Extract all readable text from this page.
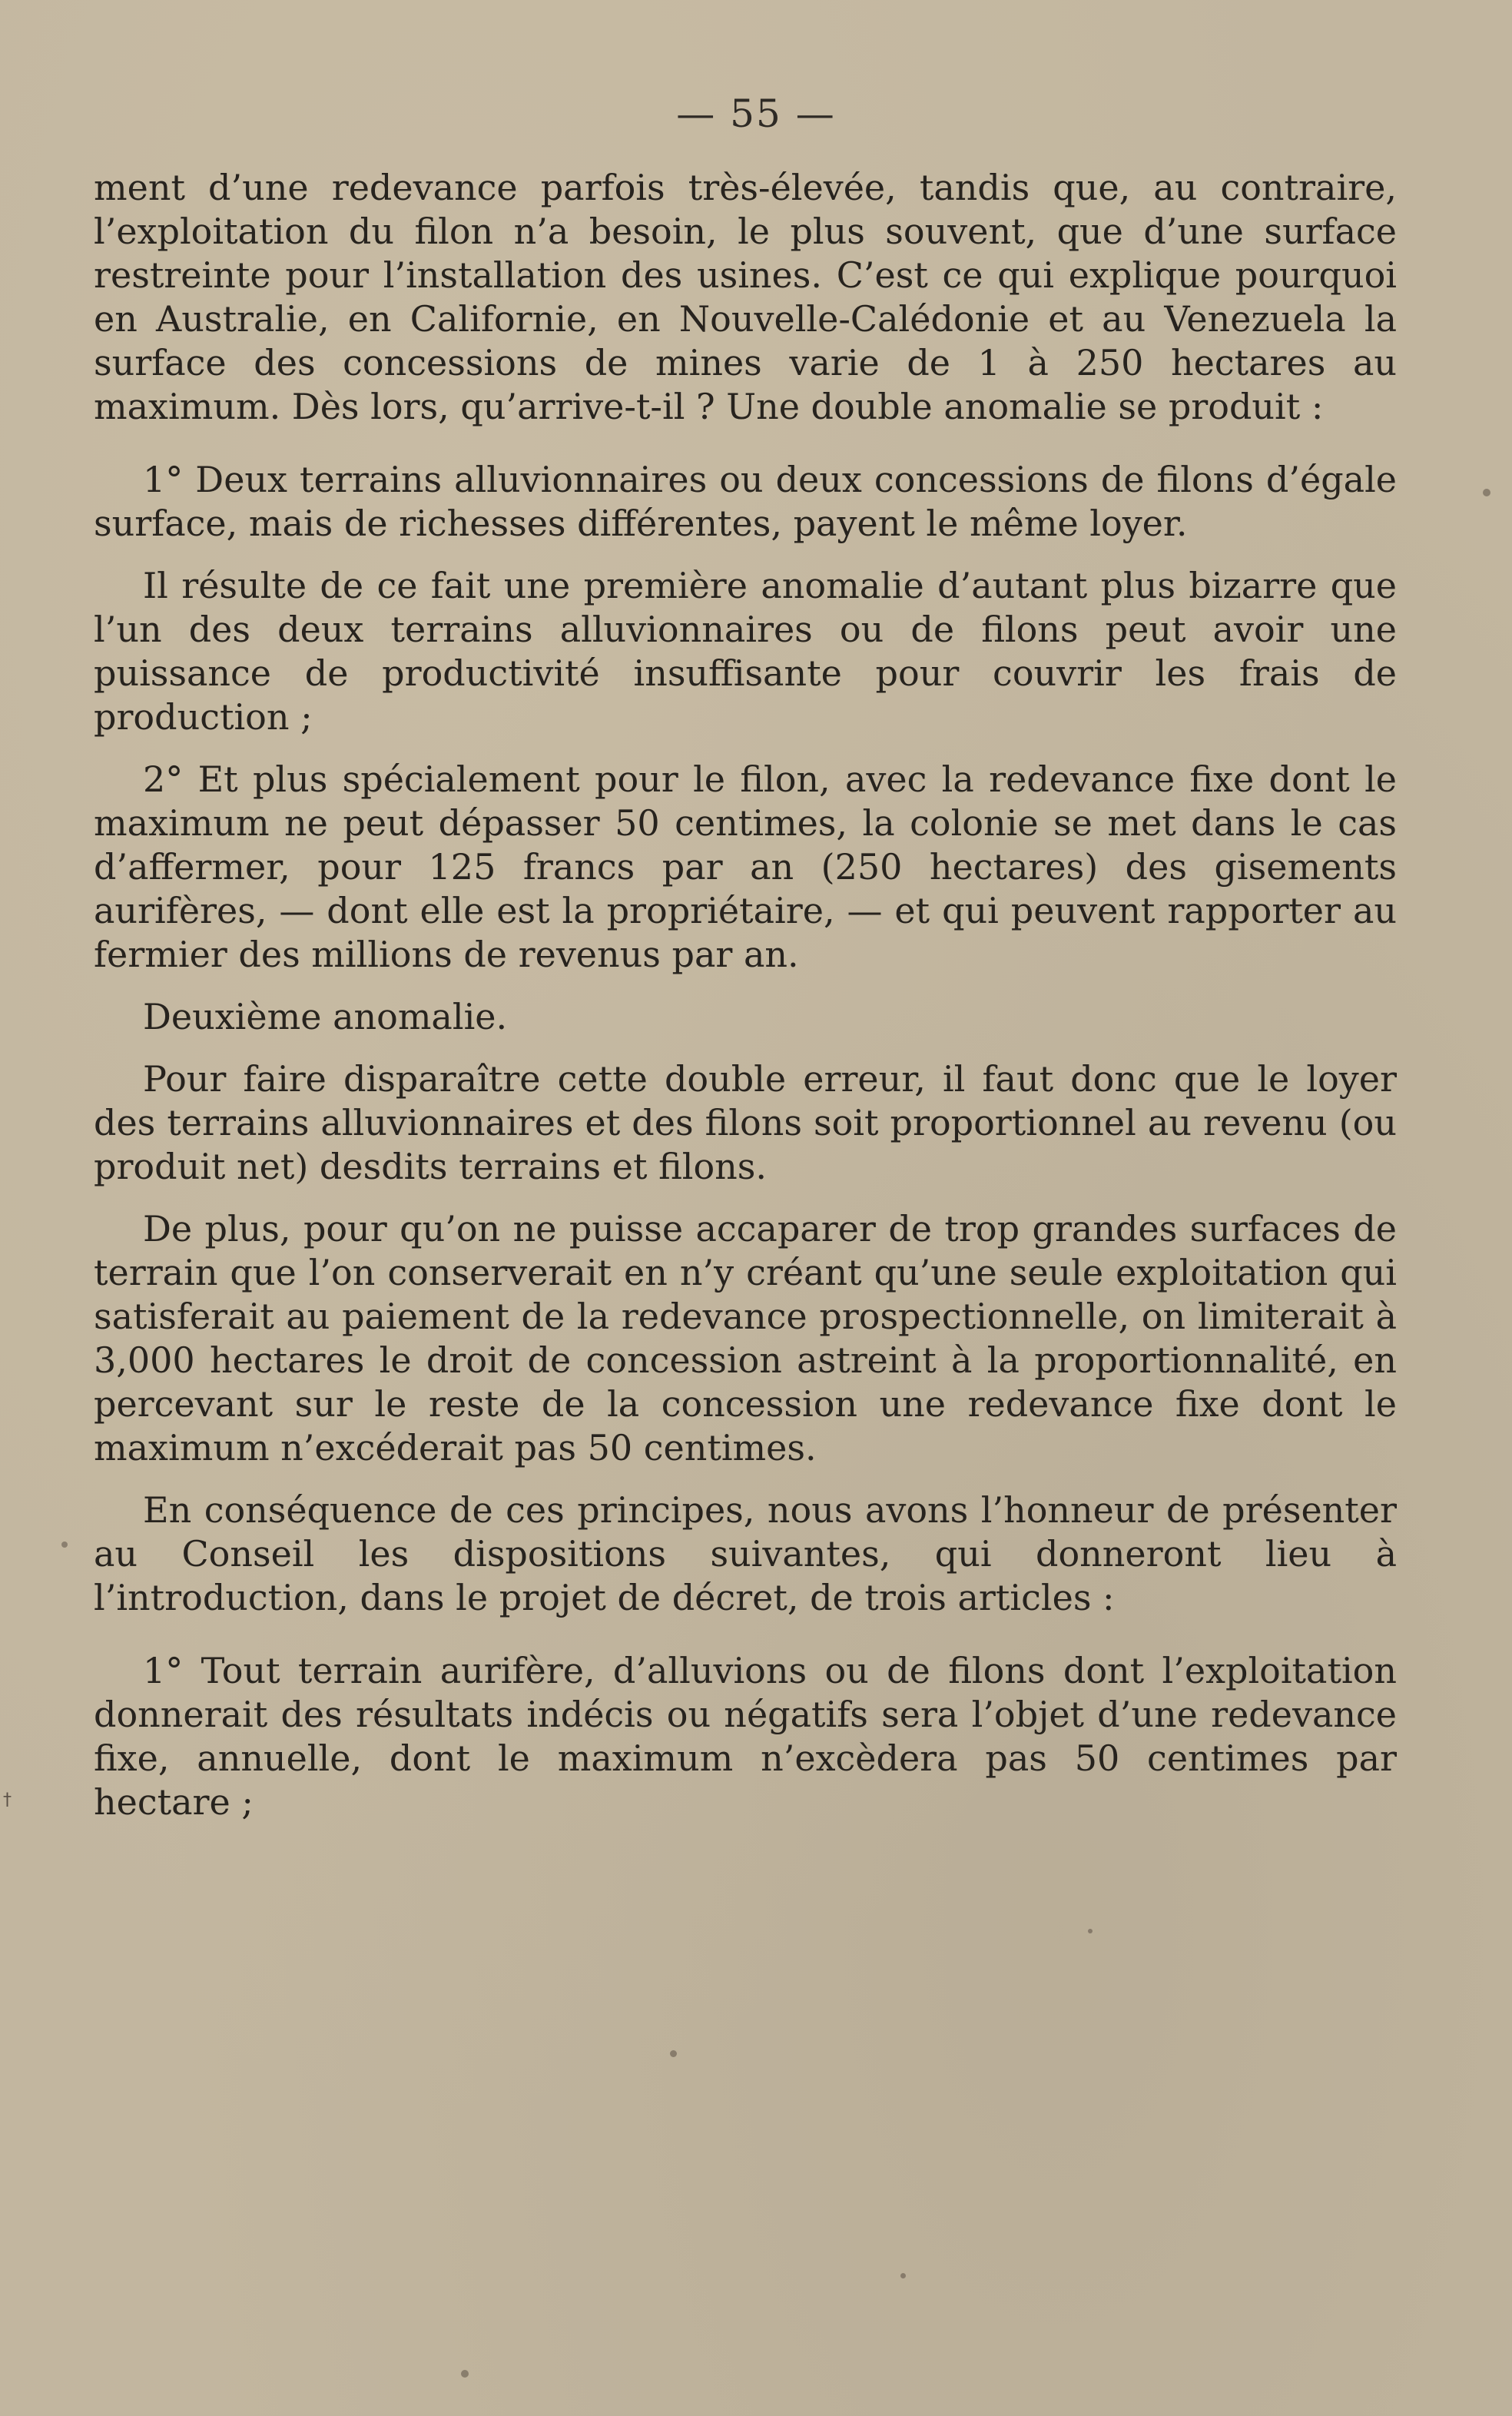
†
— 55 —

ment d’une redevance parfois très-élevée, tandis que, au contraire, l’exploitation du filon n’a besoin, le plus souvent, que d’une surface restreinte pour l’installation des usines. C’est ce qui explique pourquoi en Australie, en Californie, en Nouvelle-Calédonie et au Venezuela la surface des concessions de mines varie de 1 à 250 hectares au maximum. Dès lors, qu’arrive-t-il ? Une double anomalie se produit :

1° Deux terrains alluvionnaires ou deux concessions de filons d’égale surface, mais de richesses différentes, payent le même loyer.

Il résulte de ce fait une première anomalie d’autant plus bizarre que l’un des deux terrains alluvionnaires ou de filons peut avoir une puissance de productivité insuffisante pour couvrir les frais de production ;

2° Et plus spécialement pour le filon, avec la redevance fixe dont le maximum ne peut dépasser 50 centimes, la colonie se met dans le cas d’affermer, pour 125 francs par an (250 hectares) des gisements aurifères, — dont elle est la propriétaire, — et qui peuvent rapporter au fermier des millions de revenus par an.

Deuxième anomalie.

Pour faire disparaître cette double erreur, il faut donc que le loyer des terrains alluvionnaires et des filons soit proportionnel au revenu (ou produit net) desdits terrains et filons.

De plus, pour qu’on ne puisse accaparer de trop grandes surfaces de terrain que l’on conserverait en n’y créant qu’une seule exploitation qui satisferait au paiement de la redevance prospectionnelle, on limiterait à 3,000 hectares le droit de concession astreint à la proportionnalité, en percevant sur le reste de la concession une redevance fixe dont le maximum n’excéderait pas 50 centimes.

En conséquence de ces principes, nous avons l’honneur de présenter au Conseil les dispositions suivantes, qui donneront lieu à l’introduction, dans le projet de décret, de trois articles :

1° Tout terrain aurifère, d’alluvions ou de filons dont l’exploitation donnerait des résultats indécis ou négatifs sera l’objet d’une redevance fixe, annuelle, dont le maximum n’excèdera pas 50 centimes par hectare ;
